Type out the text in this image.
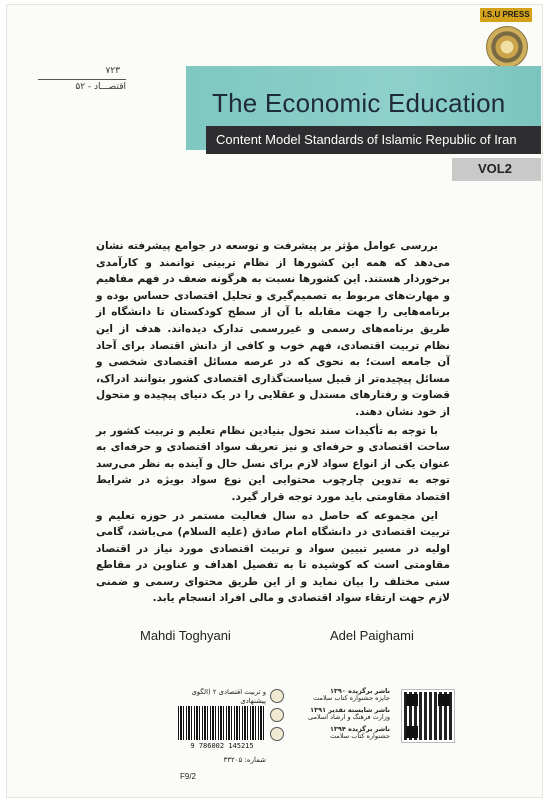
۷۲۳
اقتصـــاد - ۵۲
I.S.U PRESS
The Economic Education
Content Model Standards of Islamic Republic of Iran
VOL2

بررسی عوامل مؤثر بر پیشرفت و توسعه در جوامع پیشرفته نشان می‌دهد که همه این کشورها از نظام تربیتی توانمند و کارآمدی برخوردار هستند. این کشورها نسبت به هرگونه ضعف در فهم مفاهیم و مهارت‌های مربوط به تصمیم‌گیری و تحلیل اقتصادی حساس بوده و برنامه‌هایی را جهت مقابله با آن از سطح کودکستان تا دانشگاه از طریق برنامه‌های رسمی و غیررسمی تدارک دیده‌اند. هدف از این نظام تربیت اقتصادی، فهم خوب و کافی از دانش اقتصاد برای آحاد آن جامعه است؛ به نحوی که در عرصه مسائل اقتصادی شخصی و مسائل پیچیده‌تر از قبیل سیاست‌گذاری اقتصادی کشور بتوانند ادراک، قضاوت و رفتارهای مستدل و عقلایی را در یک دنیای پیچیده و متحول از خود نشان دهند.

با توجه به تأکیدات سند تحول بنیادین نظام تعلیم و تربیت کشور بر ساحت اقتصادی و حرفه‌ای و نیز تعریف سواد اقتصادی و حرفه‌ای به عنوان یکی از انواع سواد لازم برای نسل حال و آینده به نظر می‌رسد توجه به تدوین چارچوب محتوایی این نوع سواد بویژه در شرایط اقتصاد مقاومتی باید مورد توجه قرار گیرد.

این مجموعه که حاصل ده سال فعالیت مستمر در حوزه تعلیم و تربیت اقتصادی در دانشگاه امام صادق (علیه السلام) می‌باشد، گامی اولیه در مسیر تبیین سواد و تربیت اقتصادی مورد نیاز در اقتصاد مقاومتی است که کوشیده تا به تفصیل اهداف و عناوین در مقاطع سنی مختلف را بیان نماید و از این طریق محتوای رسمی و ضمنی لازم جهت ارتقاء سواد اقتصادی و مالی افراد انسجام یابد.

Mahdi Toghyani	Adel Paighami
و تربیت اقتصادی ۲ (الگوی پیشنهادی
9 786002 145215
شماره: ۳۳۲۰۵
F9/2
ناشر برگزیده ۱۳۹۰
جایزه جشنواره کتاب سلامت
ناشر شایسته تقدیر ۱۳۹۱
وزارت فرهنگ و ارشاد اسلامی
ناشر برگزیده ۱۳۹۴
جشنواره کتاب سلامت
